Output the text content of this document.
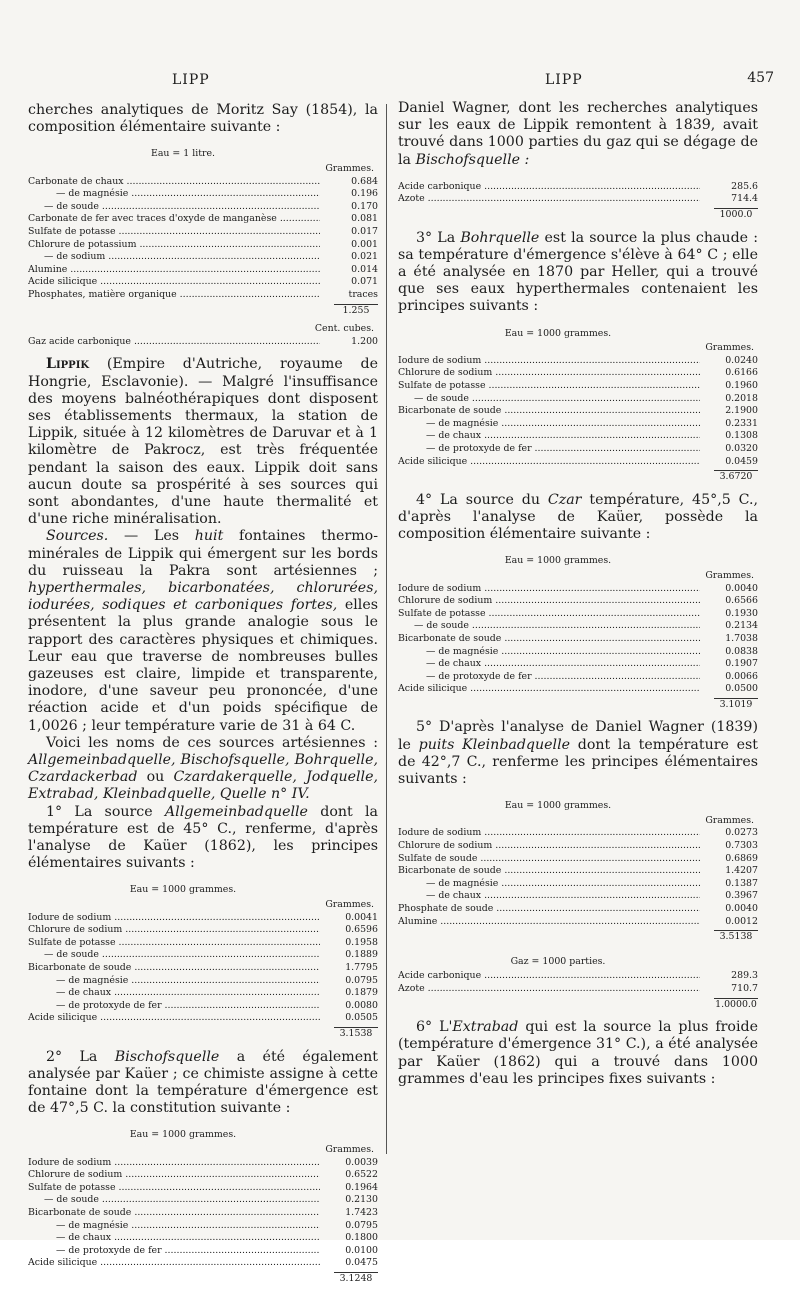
LIPP	LIPP	457

cherches analytiques de Moritz Say (1854), la composition élémentaire suivante :

Eau = 1 litre.
Grammes.
Carbonate de chaux .....	0.684
— de magnésie .....	0.196
— de soude .....	0.170
Carbonate de fer avec traces d'oxyde de manganèse .....	0.081
Sulfate de potasse .....	0.017
Chlorure de potassium .....	0.001
— de sodium .....	0.021
Alumine .....	0.014
Acide silicique .....	0.071
Phosphates, matière organique .....	traces
1.255
Cent. cubes.
Gaz acide carbonique .....	1.200

Lippik (Empire d'Autriche, royaume de Hongrie, Esclavonie). — Malgré l'insuffisance des moyens balnéothérapiques dont disposent ses établissements thermaux, la station de Lippik, située à 12 kilomètres de Daruvar et à 1 kilomètre de Pakrocz, est très fréquentée pendant la saison des eaux. Lippik doit sans aucun doute sa prospérité à ses sources qui sont abondantes, d'une haute thermalité et d'une riche minéralisation.

Sources. — Les huit fontaines thermo-minérales de Lippik qui émergent sur les bords du ruisseau la Pakra sont artésiennes ; hyperthermales, bicarbonatées, chlorurées, iodurées, sodiques et carboniques fortes, elles présentent la plus grande analogie sous le rapport des caractères physiques et chimiques. Leur eau que traverse de nombreuses bulles gazeuses est claire, limpide et transparente, inodore, d'une saveur peu prononcée, d'une réaction acide et d'un poids spécifique de 1,0026 ; leur température varie de 31 à 64 C.

Voici les noms de ces sources artésiennes : Allgemeinbadquelle, Bischofsquelle, Bohrquelle, Czardackerbad ou Czardakerquelle, Jodquelle, Extrabad, Kleinbadquelle, Quelle n° IV.

1° La source Allgemeinbadquelle dont la température est de 45° C., renferme, d'après l'analyse de Kaüer (1862), les principes élémentaires suivants :

Eau = 1000 grammes.
Grammes.
Iodure de sodium .....	0.0041
Chlorure de sodium .....	0.6596
Sulfate de potasse .....	0.1958
— de soude .....	0.1889
Bicarbonate de soude .....	1.7795
— de magnésie .....	0.0795
— de chaux .....	0.1879
— de protoxyde de fer .....	0.0080
Acide silicique .....	0.0505
3.1538

2° La Bischofsquelle a été également analysée par Kaüer ; ce chimiste assigne à cette fontaine dont la température d'émergence est de 47°,5 C. la constitution suivante :

Eau = 1000 grammes.
Grammes.
Iodure de sodium .....	0.0039
Chlorure de sodium .....	0.6522
Sulfate de potasse .....	0.1964
— de soude .....	0.2130
Bicarbonate de soude .....	1.7423
— de magnésie .....	0.0795
— de chaux .....	0.1800
— de protoxyde de fer .....	0.0100
Acide silicique .....	0.0475
3.1248

Daniel Wagner, dont les recherches analytiques sur les eaux de Lippik remontent à 1839, avait trouvé dans 1000 parties du gaz qui se dégage de la Bischofsquelle :

Acide carbonique .....	285.6
Azote .....	714.4
1000.0

3° La Bohrquelle est la source la plus chaude : sa température d'émergence s'élève à 64° C ; elle a été analysée en 1870 par Heller, qui a trouvé que ses eaux hyperthermales contenaient les principes suivants :

Eau = 1000 grammes.
Grammes.
Iodure de sodium .....	0.0240
Chlorure de sodium .....	0.6166
Sulfate de potasse .....	0.1960
— de soude .....	0.2018
Bicarbonate de soude .....	2.1900
— de magnésie .....	0.2331
— de chaux .....	0.1308
— de protoxyde de fer .....	0.0320
Acide silicique .....	0.0459
3.6720

4° La source du Czar température, 45°,5 C., d'après l'analyse de Kaüer, possède la composition élémentaire suivante :

Eau = 1000 grammes.
Grammes.
Iodure de sodium .....	0.0040
Chlorure de sodium .....	0.6566
Sulfate de potasse .....	0.1930
— de soude .....	0.2134
Bicarbonate de soude .....	1.7038
— de magnésie .....	0.0838
— de chaux .....	0.1907
— de protoxyde de fer .....	0.0066
Acide silicique .....	0.0500
3.1019

5° D'après l'analyse de Daniel Wagner (1839) le puits Kleinbadquelle dont la température est de 42°,7 C., renferme les principes élémentaires suivants :

Eau = 1000 grammes.
Grammes.
Iodure de sodium .....	0.0273
Chlorure de sodium .....	0.7303
Sulfate de soude .....	0.6869
Bicarbonate de soude .....	1.4207
— de magnésie .....	0.1387
— de chaux .....	0.3967
Phosphate de soude .....	0.0040
Alumine .....	0.0012
3.5138
Gaz = 1000 parties.
Acide carbonique .....	289.3
Azote .....	710.7
1.0000.0

6° L'Extrabad qui est la source la plus froide (température d'émergence 31° C.), a été analysée par Kaüer (1862) qui a trouvé dans 1000 grammes d'eau les principes fixes suivants :
